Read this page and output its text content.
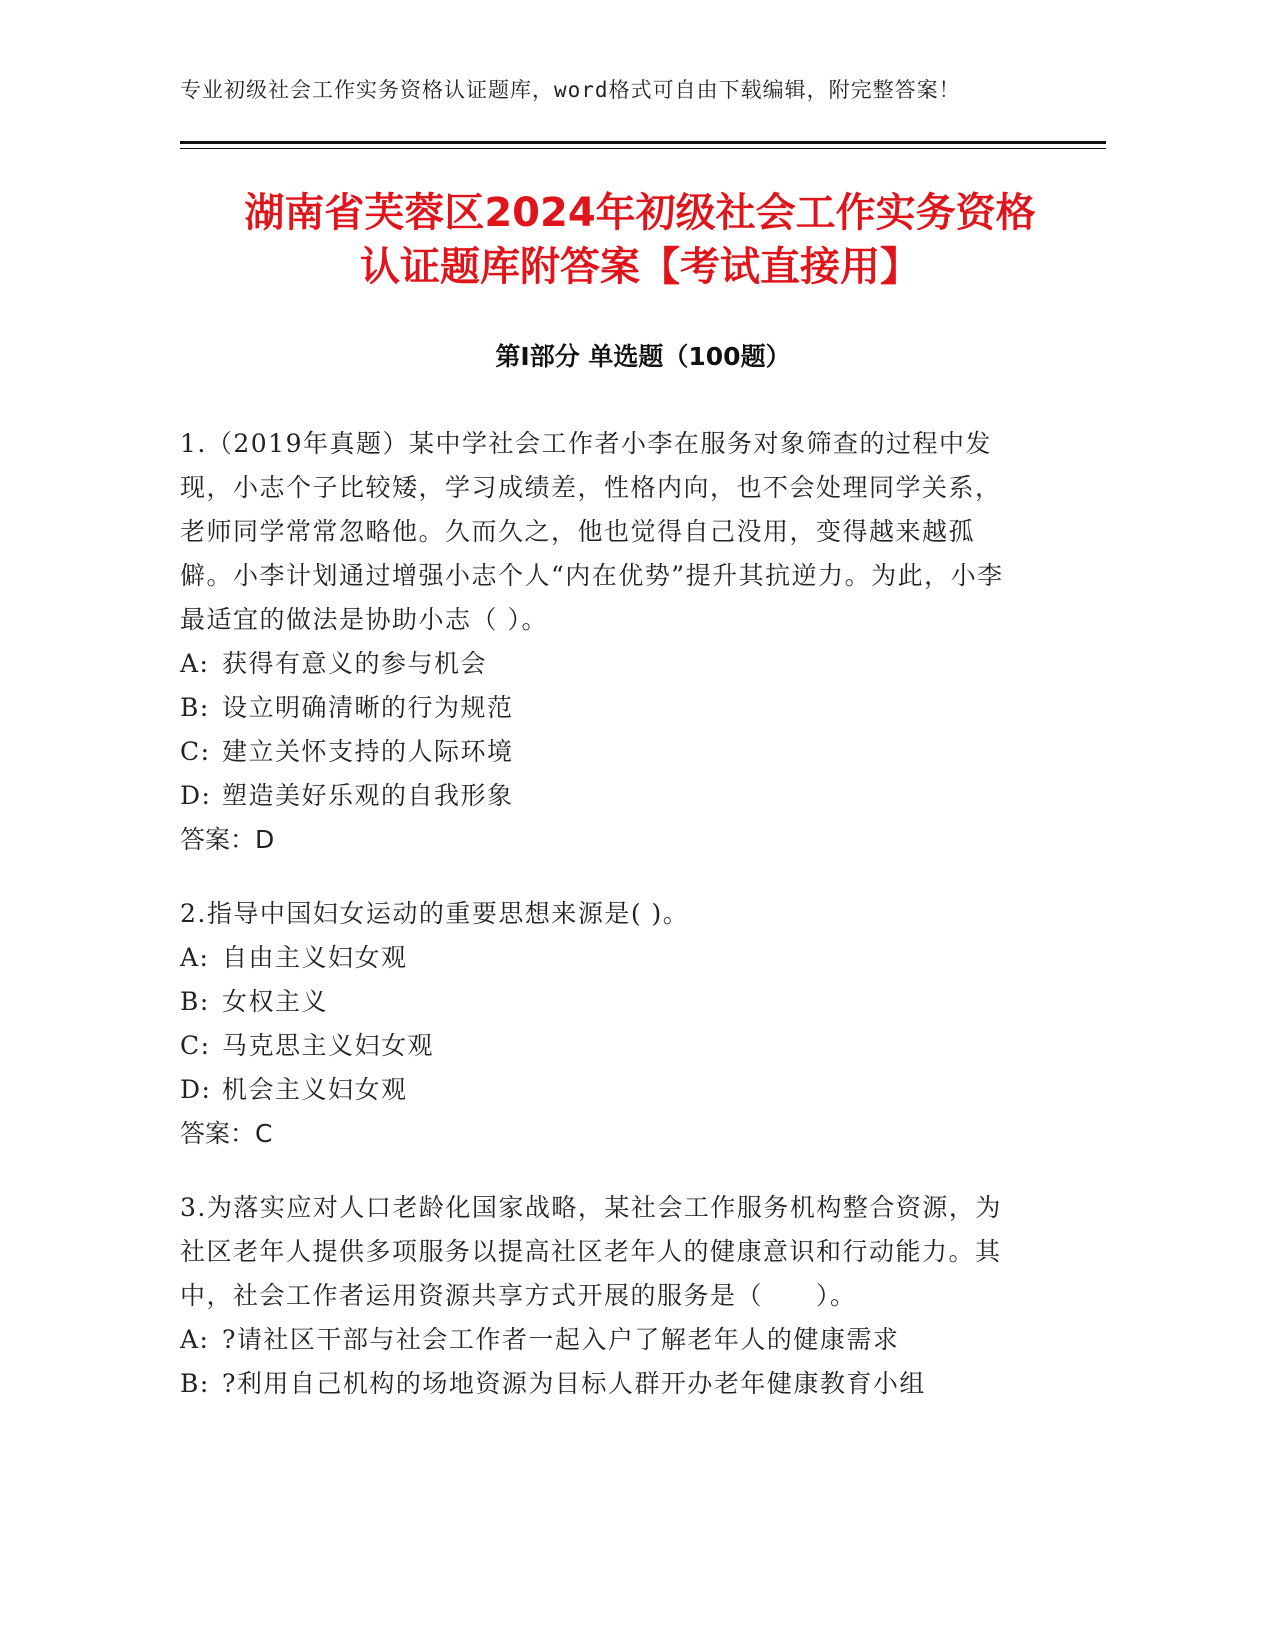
专业初级社会工作实务资格认证题库，word格式可自由下载编辑，附完整答案！
湖南省芙蓉区2024年初级社会工作实务资格
认证题库附答案【考试直接用】
第Ⅰ部分 单选题（100题）

1.（2019年真题）某中学社会工作者小李在服务对象筛查的过程中发现，小志个子比较矮，学习成绩差，性格内向，也不会处理同学关系，老师同学常常忽略他。久而久之，他也觉得自己没用，变得越来越孤僻。小李计划通过增强小志个人“内在优势”提升其抗逆力。为此，小李最适宜的做法是协助小志（ ）。

A: 获得有意义的参与机会

B: 设立明确清晰的行为规范

C: 建立关怀支持的人际环境

D: 塑造美好乐观的自我形象

答案：D

2.指导中国妇女运动的重要思想来源是( )。

A: 自由主义妇女观

B: 女权主义

C: 马克思主义妇女观

D: 机会主义妇女观

答案：C

3.为落实应对人口老龄化国家战略，某社会工作服务机构整合资源，为社区老年人提供多项服务以提高社区老年人的健康意识和行动能力。其中，社会工作者运用资源共享方式开展的服务是（　　）。

A: ?请社区干部与社会工作者一起入户了解老年人的健康需求

B: ?利用自己机构的场地资源为目标人群开办老年健康教育小组
